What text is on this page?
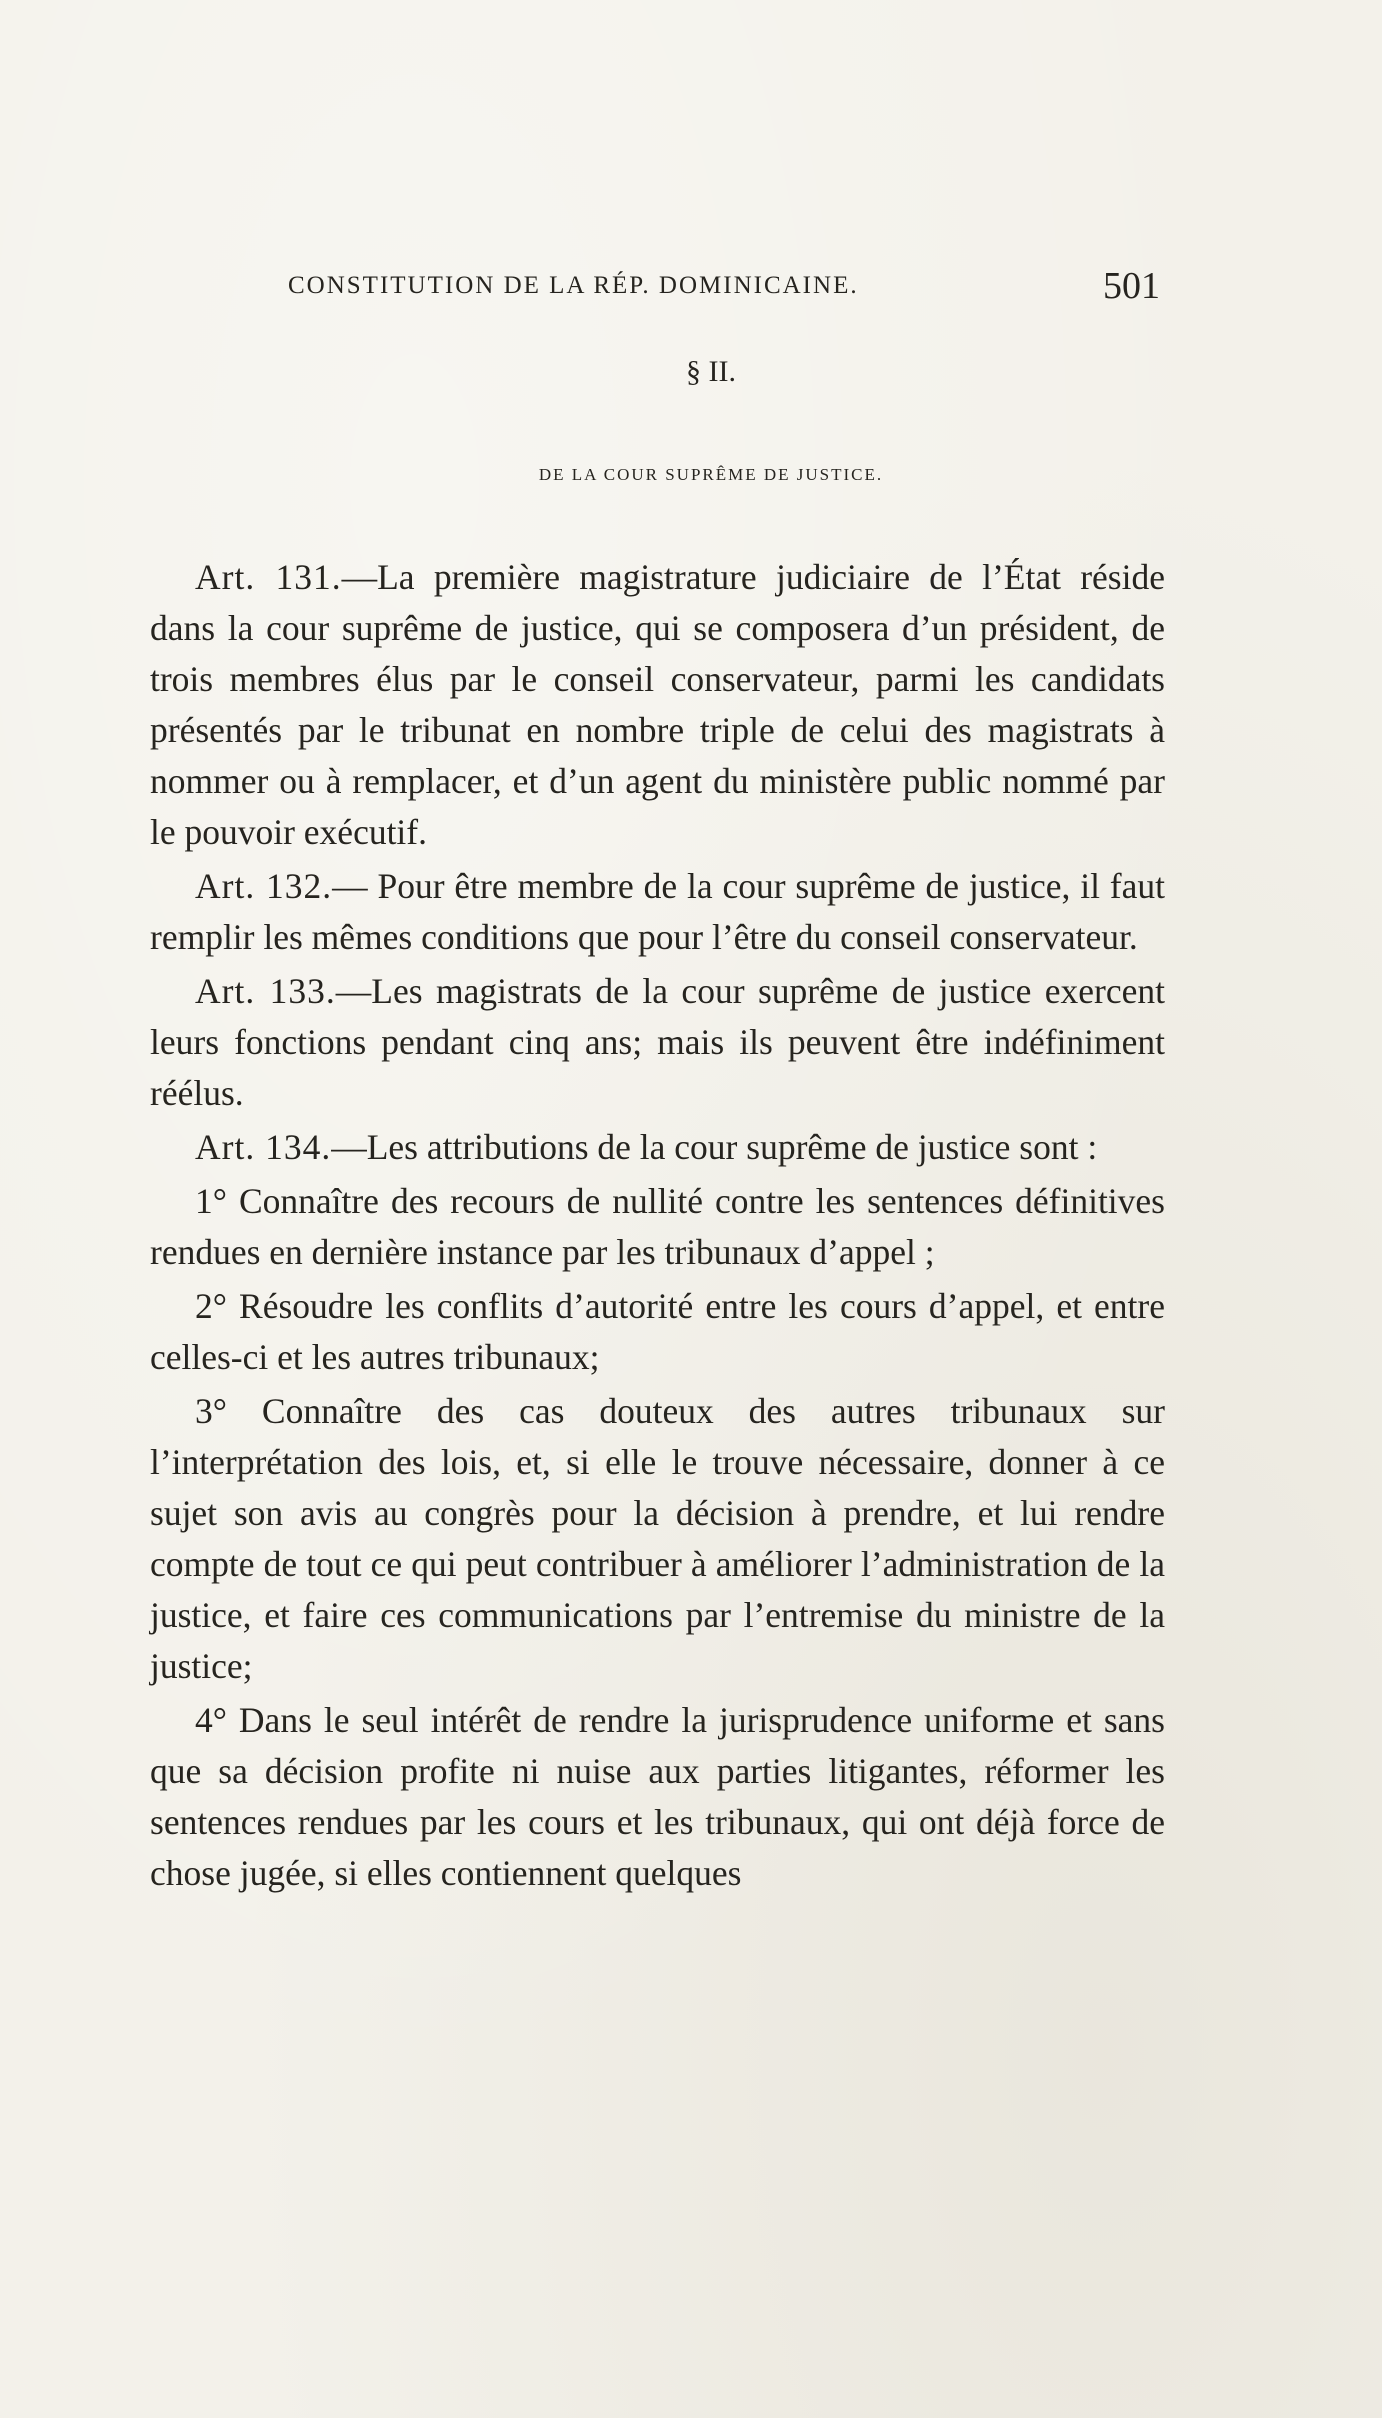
CONSTITUTION DE LA RÉP. DOMINICAINE.	501
§ II.
DE LA COUR SUPRÊME DE JUSTICE.

Art. 131.—La première magistrature judiciaire de l’État réside dans la cour suprême de justice, qui se composera d’un président, de trois membres élus par le conseil conservateur, parmi les candidats présentés par le tribunat en nombre triple de celui des magistrats à nommer ou à remplacer, et d’un agent du ministère public nommé par le pouvoir exécutif.

Art. 132.— Pour être membre de la cour suprême de justice, il faut remplir les mêmes conditions que pour l’être du conseil conservateur.

Art. 133.—Les magistrats de la cour suprême de justice exercent leurs fonctions pendant cinq ans; mais ils peuvent être indéfiniment réélus.

Art. 134.—Les attributions de la cour suprême de justice sont :

1° Connaître des recours de nullité contre les sentences définitives rendues en dernière instance par les tribunaux d’appel ;

2° Résoudre les conflits d’autorité entre les cours d’appel, et entre celles-ci et les autres tribunaux;

3° Connaître des cas douteux des autres tribunaux sur l’interprétation des lois, et, si elle le trouve nécessaire, donner à ce sujet son avis au congrès pour la décision à prendre, et lui rendre compte de tout ce qui peut contribuer à améliorer l’administration de la justice, et faire ces communications par l’entremise du ministre de la justice;

4° Dans le seul intérêt de rendre la jurisprudence uniforme et sans que sa décision profite ni nuise aux parties litigantes, réformer les sentences rendues par les cours et les tribunaux, qui ont déjà force de chose jugée, si elles contiennent quelques
